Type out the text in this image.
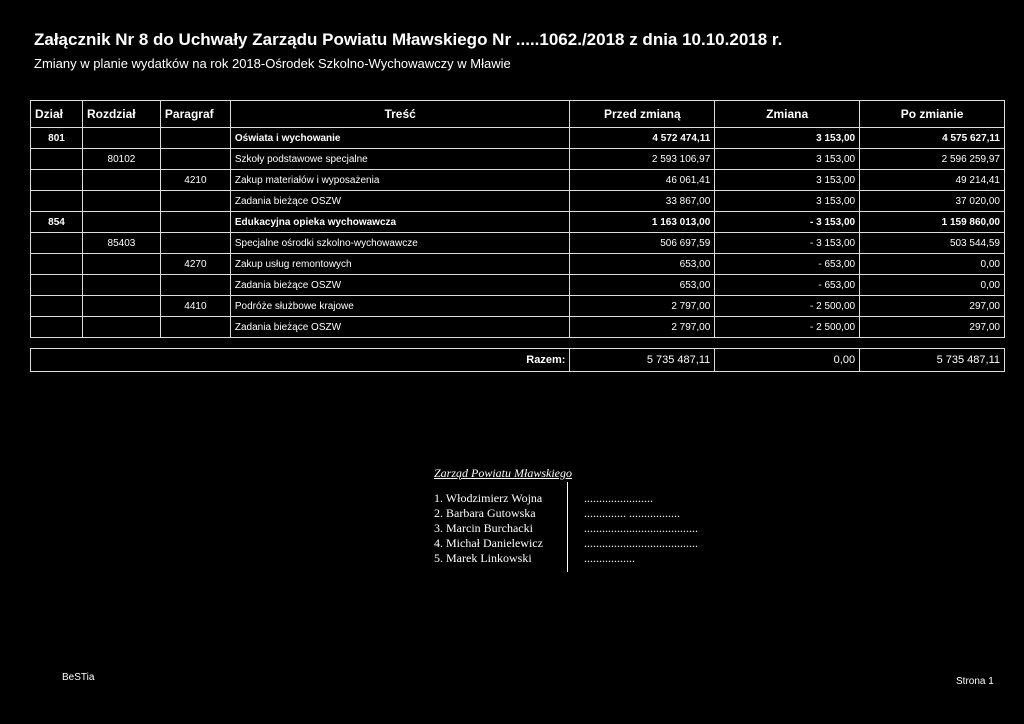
Załącznik Nr 8 do Uchwały Zarządu Powiatu Mławskiego Nr .....1062./2018 z dnia 10.10.2018 r.
Zmiany w planie wydatków na rok 2018-Ośrodek Szkolno-Wychowawczy w Mławie
Dział	Rozdział	Paragraf	Treść	Przed zmianą	Zmiana	Po zmianie
801			Oświata i wychowanie	4 572 474,11	3 153,00	4 575 627,11
	80102		Szkoły podstawowe specjalne	2 593 106,97	3 153,00	2 596 259,97
		4210	Zakup materiałów i wyposażenia	46 061,41	3 153,00	49 214,41
			Zadania bieżące OSZW	33 867,00	3 153,00	37 020,00
854			Edukacyjna opieka wychowawcza	1 163 013,00	- 3 153,00	1 159 860,00
	85403		Specjalne ośrodki szkolno-wychowawcze	506 697,59	- 3 153,00	503 544,59
		4270	Zakup usług remontowych	653,00	- 653,00	0,00
			Zadania bieżące OSZW	653,00	- 653,00	0,00
		4410	Podróże służbowe krajowe	2 797,00	- 2 500,00	297,00
			Zadania bieżące OSZW	2 797,00	- 2 500,00	297,00

Razem:				5 735 487,11	0,00	5 735 487,11
Zarząd Powiatu Mławskiego
1. Włodzimierz Wojna	.......................
2. Barbara Gutowska	.............. .................
3. Marcin Burchacki	......................................
4. Michał Danielewicz	......................................
5. Marek Linkowski	.................
BeSTia	Strona 1
